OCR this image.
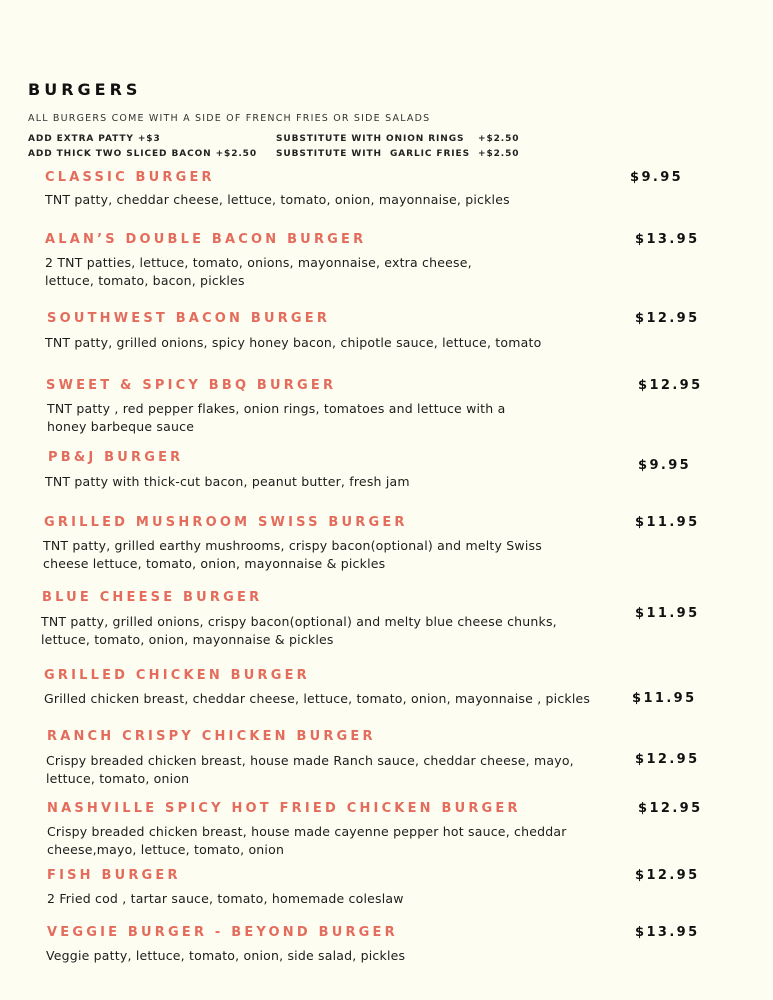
BURGERS
ALL BURGERS COME WITH A SIDE OF FRENCH FRIES OR SIDE SALADS
ADD EXTRA PATTY +$3
ADD THICK TWO SLICED BACON +$2.50
SUBSTITUTE WITH ONION RINGS +$2.50
SUBSTITUTE WITH  GARLIC FRIES +$2.50
CLASSIC BURGER	$9.95
TNT patty, cheddar cheese, lettuce, tomato, onion, mayonnaise, pickles
ALAN’S DOUBLE BACON BURGER	$13.95
2 TNT patties, lettuce, tomato, onions, mayonnaise, extra cheese,
lettuce, tomato, bacon, pickles
SOUTHWEST BACON BURGER	$12.95
TNT patty, grilled onions, spicy honey bacon, chipotle sauce, lettuce, tomato
SWEET & SPICY BBQ BURGER	$12.95
TNT patty , red pepper flakes, onion rings, tomatoes and lettuce with a
honey barbeque sauce
PB&J BURGER
$9.95
TNT patty with thick-cut bacon, peanut butter, fresh jam
GRILLED MUSHROOM SWISS BURGER	$11.95
TNT patty, grilled earthy mushrooms, crispy bacon(optional) and melty Swiss
cheese lettuce, tomato, onion, mayonnaise & pickles
BLUE CHEESE BURGER
$11.95
TNT patty, grilled onions, crispy bacon(optional) and melty blue cheese chunks,
lettuce, tomato, onion, mayonnaise & pickles
GRILLED CHICKEN BURGER
$11.95
Grilled chicken breast, cheddar cheese, lettuce, tomato, onion, mayonnaise , pickles
RANCH CRISPY CHICKEN BURGER
$12.95
Crispy breaded chicken breast, house made Ranch sauce, cheddar cheese, mayo,
lettuce, tomato, onion
NASHVILLE SPICY HOT FRIED CHICKEN BURGER	$12.95
Crispy breaded chicken breast, house made cayenne pepper hot sauce, cheddar
cheese,mayo, lettuce, tomato, onion
FISH BURGER	$12.95
2 Fried cod , tartar sauce, tomato, homemade coleslaw
VEGGIE BURGER - BEYOND BURGER	$13.95
Veggie patty, lettuce, tomato, onion, side salad, pickles
